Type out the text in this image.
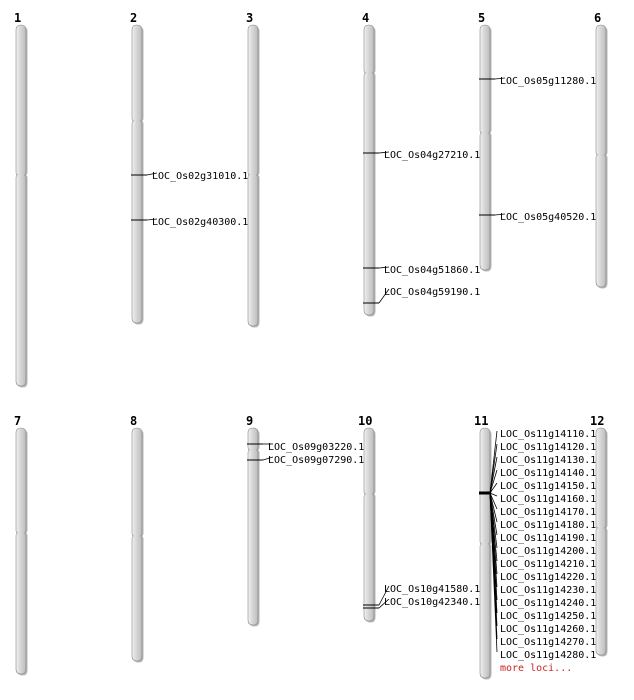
1	2
LOC_Os02g31010.1
LOC_Os02g40300.1
3	4
LOC_Os04g27210.1
LOC_Os04g51860.1
LOC_Os04g59190.1
5
LOC_Os05g11280.1
LOC_Os05g40520.1
6
7	8	9
LOC_Os09g03220.1
LOC_Os09g07290.1
10
LOC_Os10g41580.1
LOC_Os10g42340.1
11
LOC_Os11g14110.1
LOC_Os11g14120.1
LOC_Os11g14130.1
LOC_Os11g14140.1
LOC_Os11g14150.1
LOC_Os11g14160.1
LOC_Os11g14170.1
LOC_Os11g14180.1
LOC_Os11g14190.1
LOC_Os11g14200.1
LOC_Os11g14210.1
LOC_Os11g14220.1
LOC_Os11g14230.1
LOC_Os11g14240.1
LOC_Os11g14250.1
LOC_Os11g14260.1
LOC_Os11g14270.1
LOC_Os11g14280.1
more loci...
12
